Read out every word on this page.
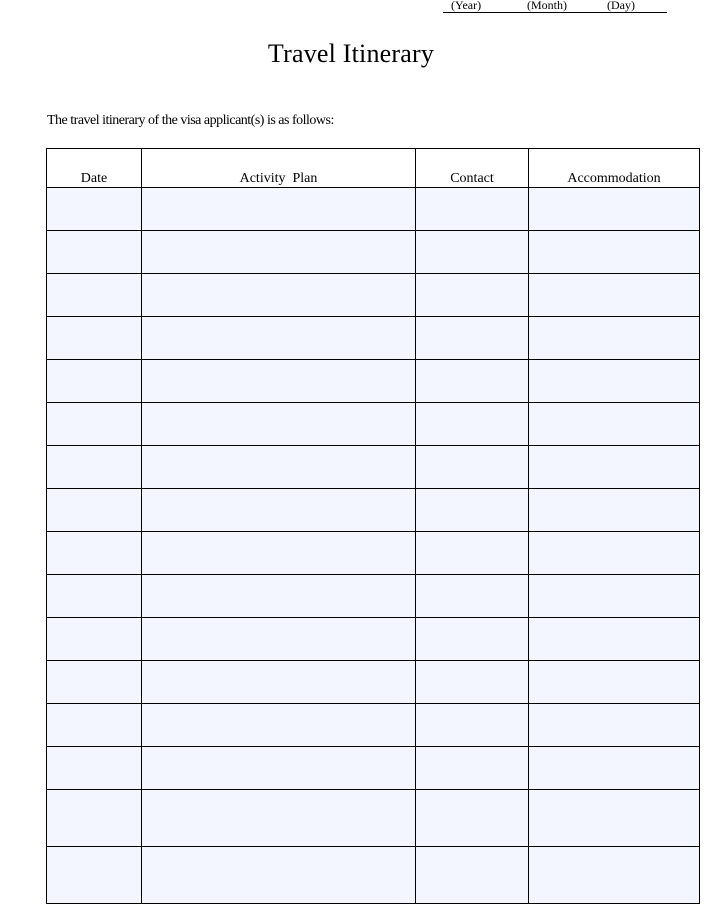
(Year)	(Month)	(Day)
Travel Itinerary
The travel itinerary of the visa applicant(s) is as follows:
Date	Activity  Plan	Contact	Accommodation
